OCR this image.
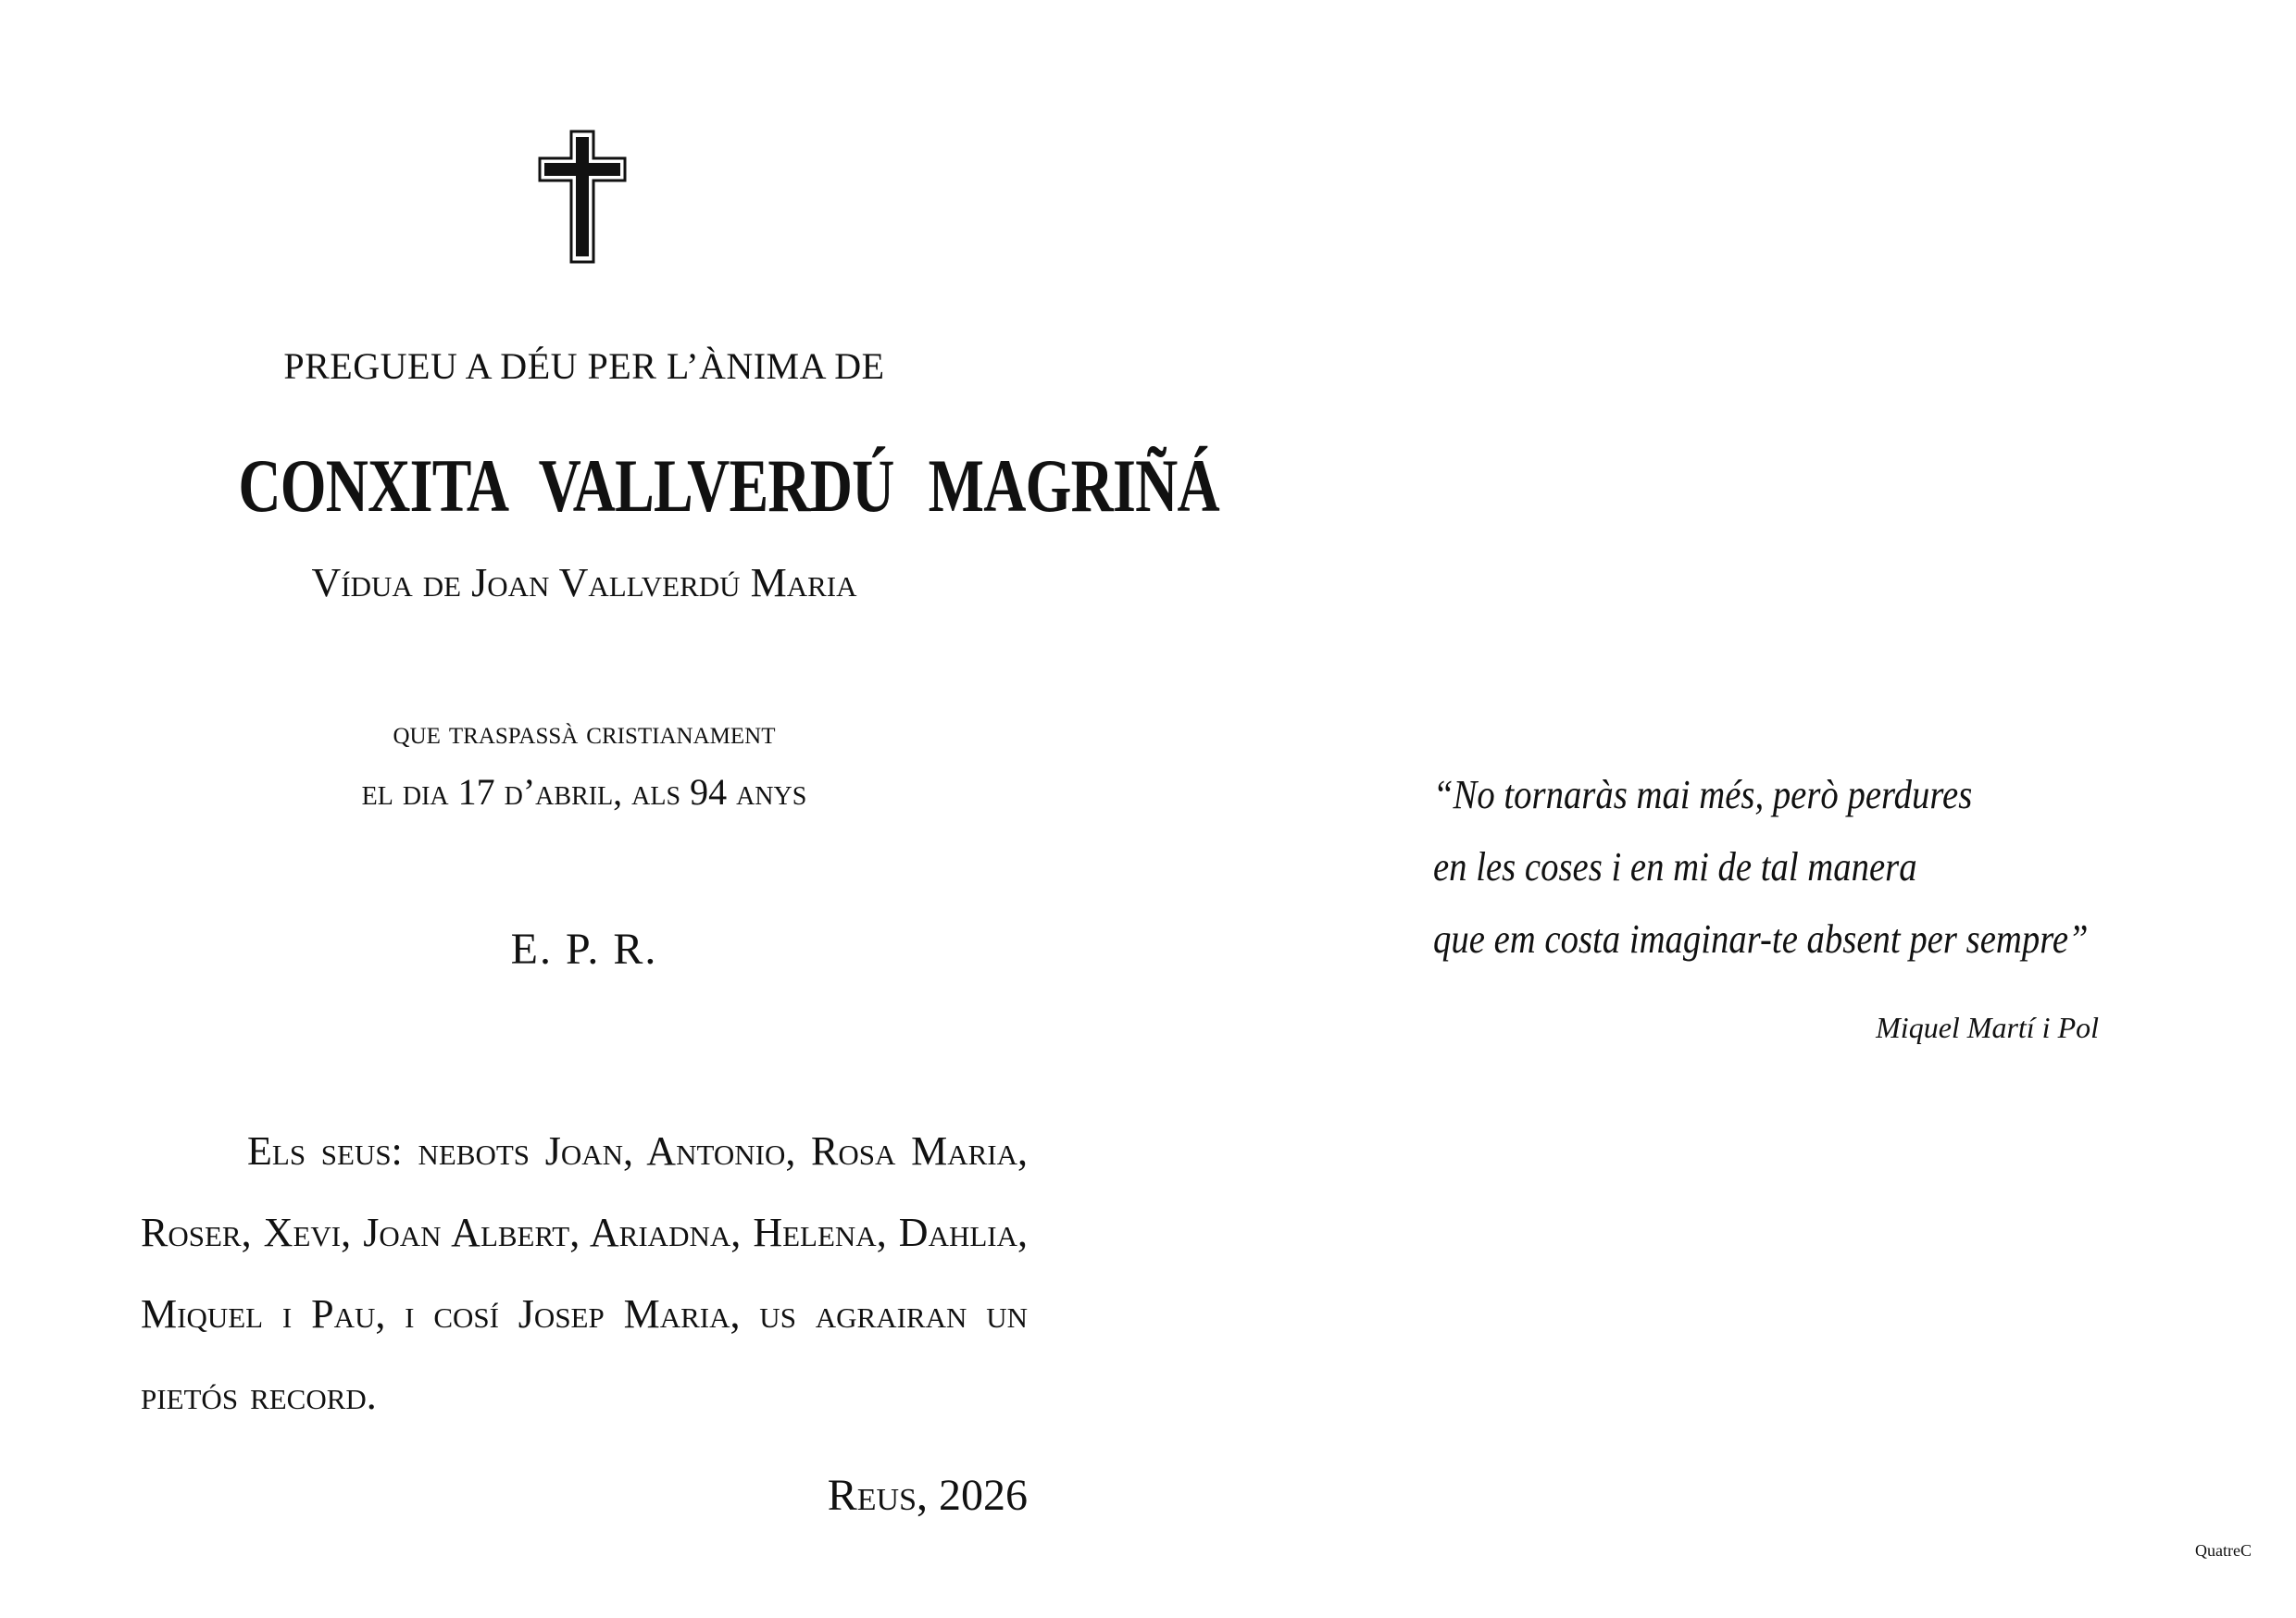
PREGUEU A DÉU PER L’ÀNIMA DE
CONXITA VALLVERDÚ MAGRIÑÁ
Vídua de Joan Vallverdú Maria
que traspassà cristianament
el dia 17 d’abril, als 94 anys
E. P. R.
Els seus: nebots Joan, Antonio, Rosa Maria, Roser, Xevi, Joan Albert, Ariadna, Helena, Dahlia, Miquel i Pau, i cosí Josep Maria, us agrairan un pietós record.
Reus, 2026
“No tornaràs mai més, però perdures
en les coses i en mi de tal manera
que em costa imaginar-te absent per sempre”
Miquel Martí i Pol
QuatreC
